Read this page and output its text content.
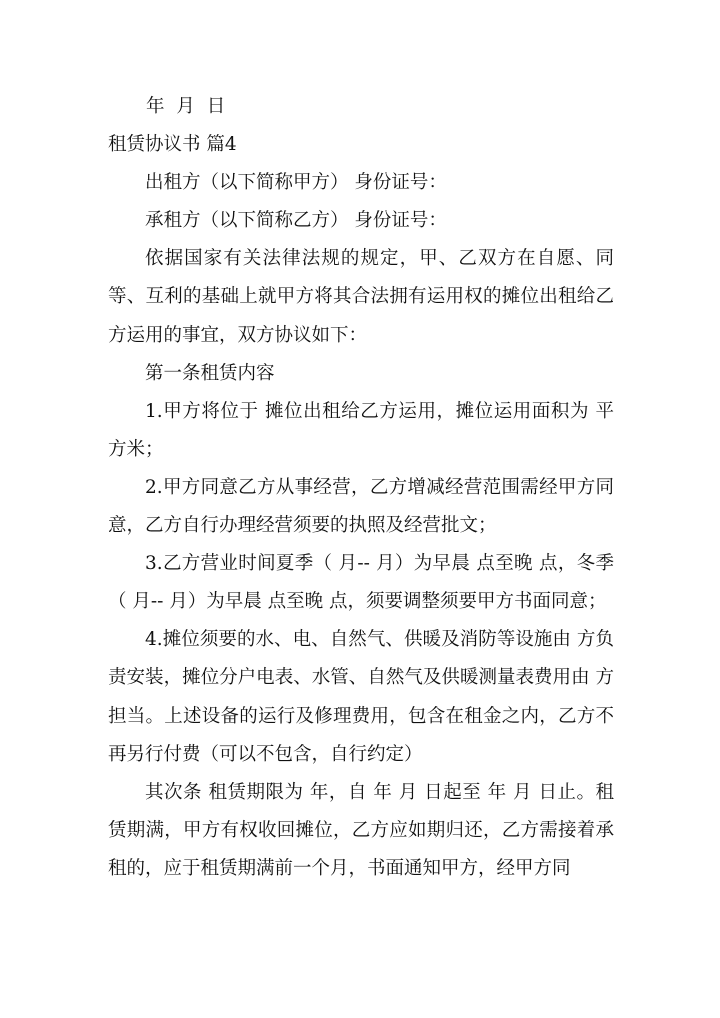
年 月 日

租赁协议书 篇4

出租方（以下简称甲方） 身份证号：

承租方（以下简称乙方） 身份证号：

依据国家有关法律法规的规定，甲、乙双方在自愿、同等、互利的基础上就甲方将其合法拥有运用权的摊位出租给乙方运用的事宜，双方协议如下：

第一条租赁内容

1.甲方将位于 摊位出租给乙方运用，摊位运用面积为 平方米；

2.甲方同意乙方从事经营，乙方增减经营范围需经甲方同意，乙方自行办理经营须要的执照及经营批文；

3.乙方营业时间夏季（ 月-- 月）为早晨 点至晚 点，冬季（ 月-- 月）为早晨 点至晚 点，须要调整须要甲方书面同意；

4.摊位须要的水、电、自然气、供暖及消防等设施由 方负责安装，摊位分户电表、水管、自然气及供暖测量表费用由 方担当。上述设备的运行及修理费用，包含在租金之内，乙方不再另行付费（可以不包含，自行约定）

其次条 租赁期限为 年，自 年 月 日起至 年 月 日止。租赁期满，甲方有权收回摊位，乙方应如期归还，乙方需接着承租的，应于租赁期满前一个月，书面通知甲方，经甲方同
